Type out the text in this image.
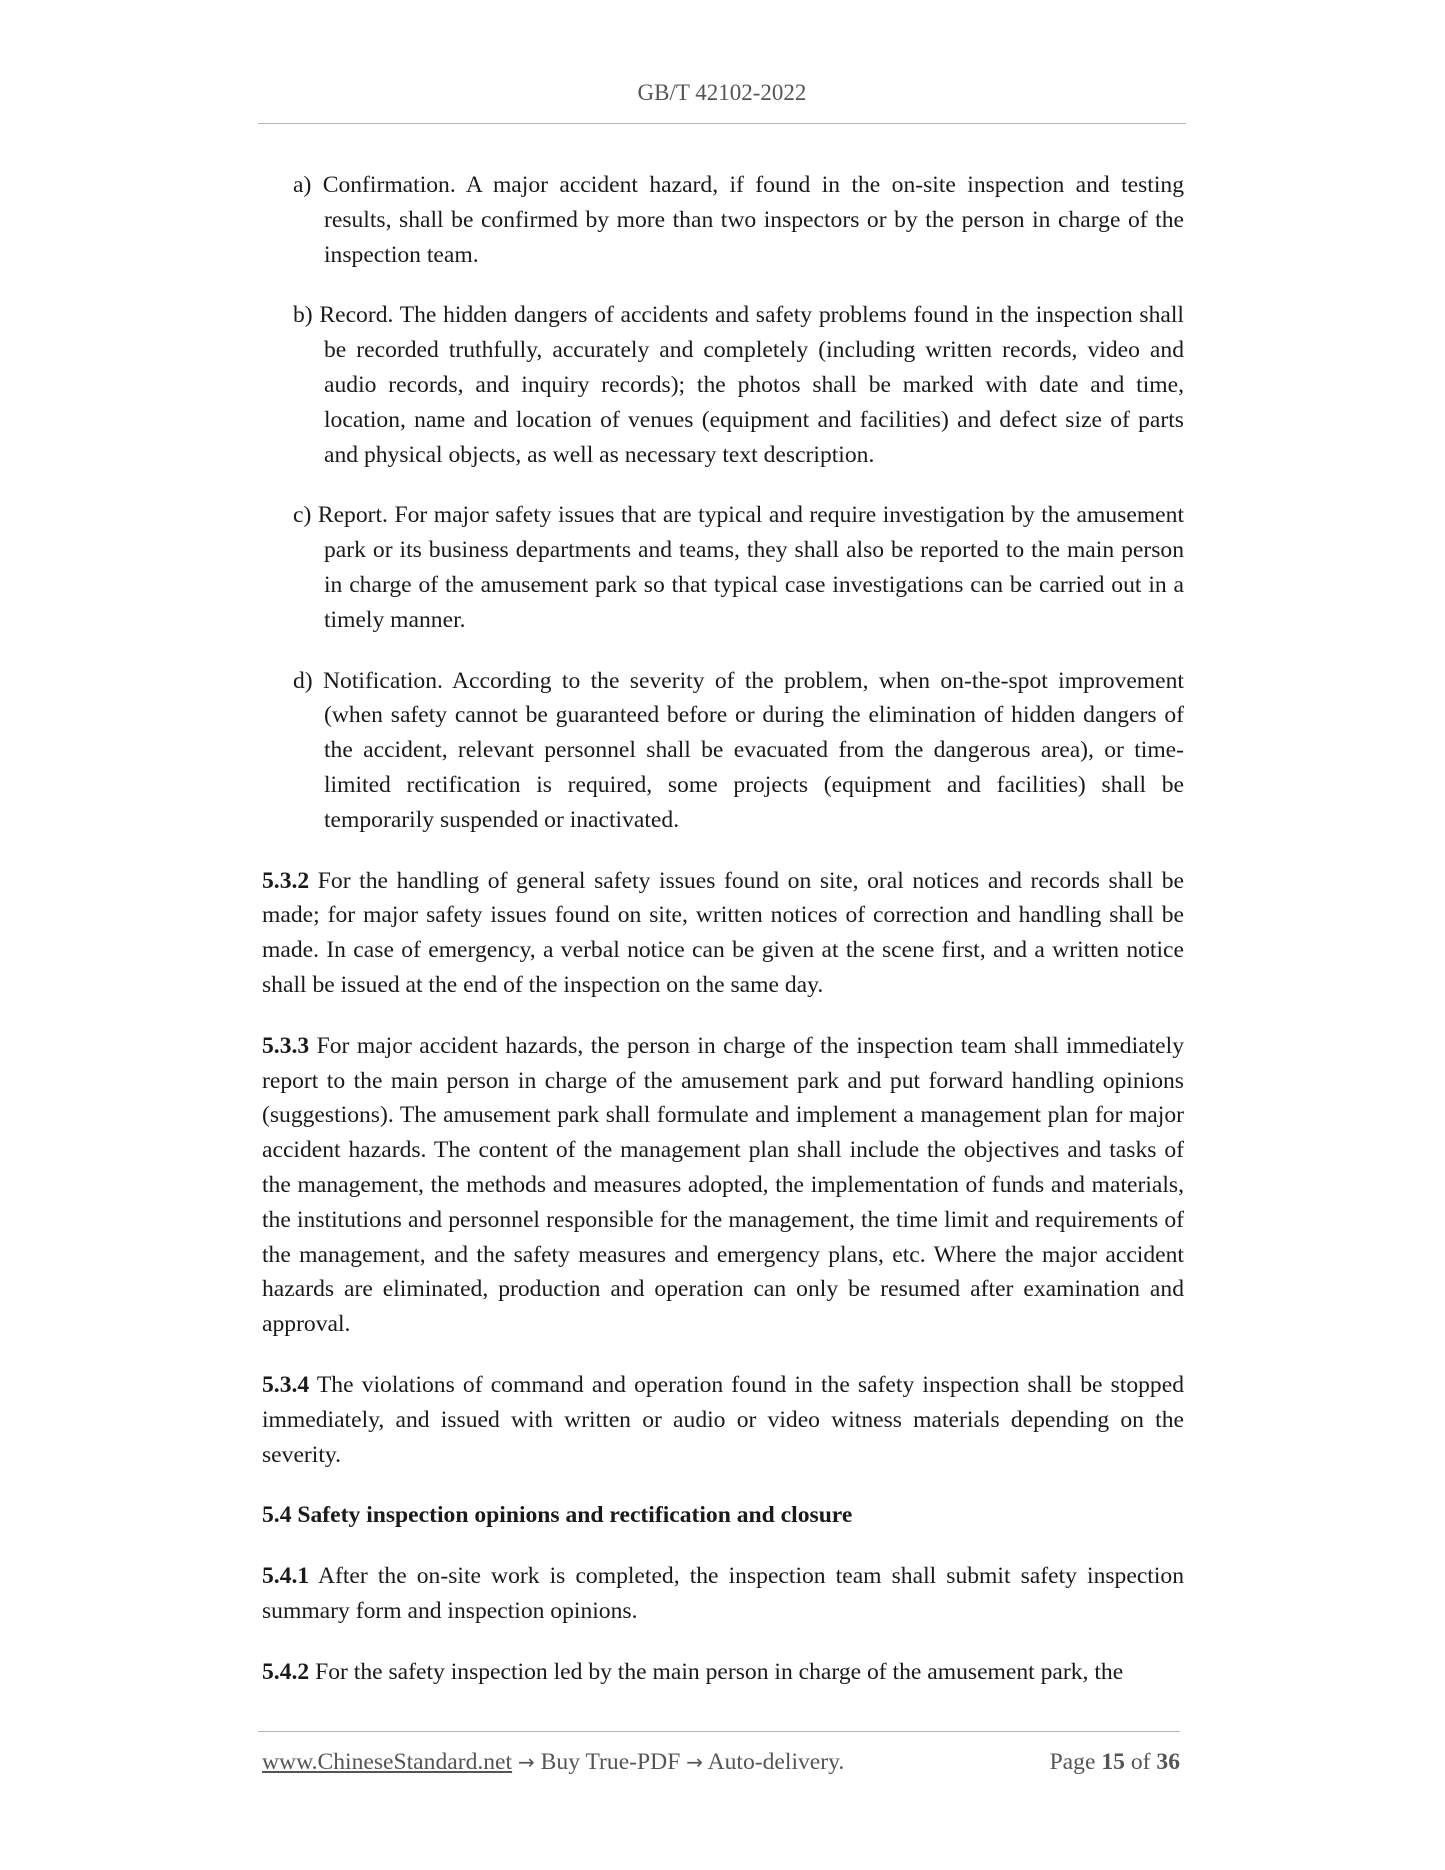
GB/T 42102-2022

a) Confirmation. A major accident hazard, if found in the on-site inspection and testing results, shall be confirmed by more than two inspectors or by the person in charge of the inspection team.

b) Record. The hidden dangers of accidents and safety problems found in the inspection shall be recorded truthfully, accurately and completely (including written records, video and audio records, and inquiry records); the photos shall be marked with date and time, location, name and location of venues (equipment and facilities) and defect size of parts and physical objects, as well as necessary text description.

c) Report. For major safety issues that are typical and require investigation by the amusement park or its business departments and teams, they shall also be reported to the main person in charge of the amusement park so that typical case investigations can be carried out in a timely manner.

d) Notification. According to the severity of the problem, when on-the-spot improvement (when safety cannot be guaranteed before or during the elimination of hidden dangers of the accident, relevant personnel shall be evacuated from the dangerous area), or time-limited rectification is required, some projects (equipment and facilities) shall be temporarily suspended or inactivated.

5.3.2 For the handling of general safety issues found on site, oral notices and records shall be made; for major safety issues found on site, written notices of correction and handling shall be made. In case of emergency, a verbal notice can be given at the scene first, and a written notice shall be issued at the end of the inspection on the same day.

5.3.3 For major accident hazards, the person in charge of the inspection team shall immediately report to the main person in charge of the amusement park and put forward handling opinions (suggestions). The amusement park shall formulate and implement a management plan for major accident hazards. The content of the management plan shall include the objectives and tasks of the management, the methods and measures adopted, the implementation of funds and materials, the institutions and personnel responsible for the management, the time limit and requirements of the management, and the safety measures and emergency plans, etc. Where the major accident hazards are eliminated, production and operation can only be resumed after examination and approval.

5.3.4 The violations of command and operation found in the safety inspection shall be stopped immediately, and issued with written or audio or video witness materials depending on the severity.

5.4 Safety inspection opinions and rectification and closure

5.4.1 After the on-site work is completed, the inspection team shall submit safety inspection summary form and inspection opinions.

5.4.2 For the safety inspection led by the main person in charge of the amusement park, the

www.ChineseStandard.net → Buy True-PDF → Auto-delivery.	Page 15 of 36
